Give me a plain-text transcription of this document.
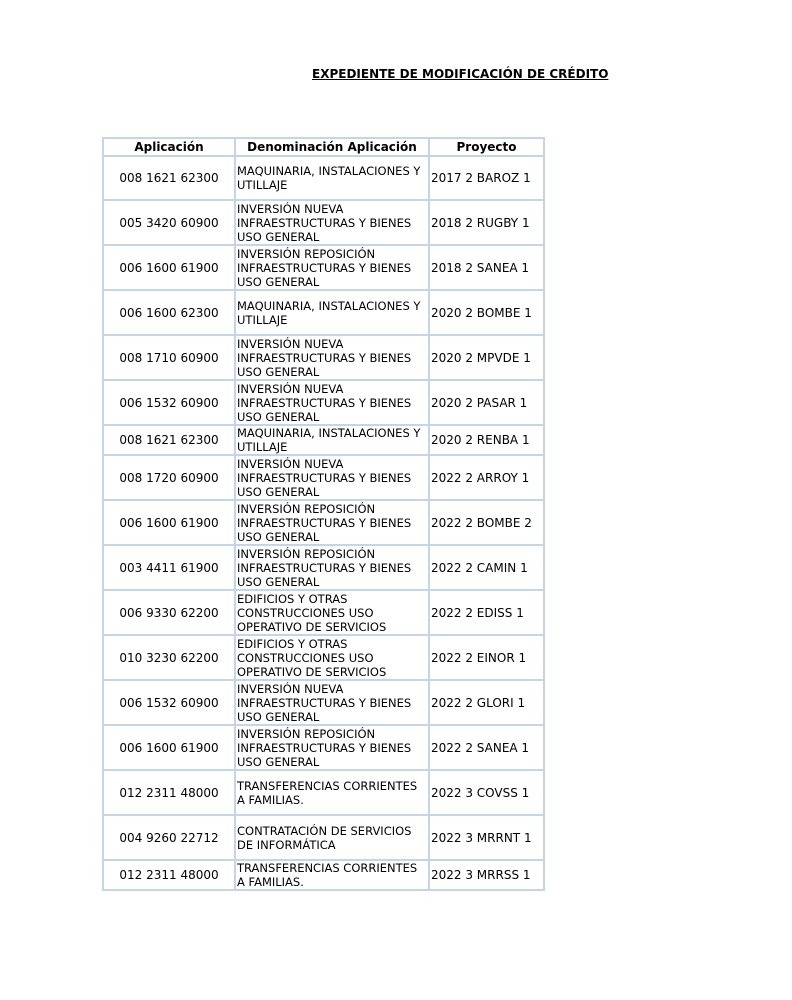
EXPEDIENTE DE MODIFICACIÓN DE CRÉDITO
Aplicación	Denominación Aplicación	Proyecto
008 1621 62300	MAQUINARIA, INSTALACIONES Y
UTILLAJE	2017 2 BAROZ 1
005 3420 60900	INVERSIÓN NUEVA
INFRAESTRUCTURAS Y BIENES
USO GENERAL	2018 2 RUGBY 1
006 1600 61900	INVERSIÓN REPOSICIÓN
INFRAESTRUCTURAS Y BIENES
USO GENERAL	2018 2 SANEA 1
006 1600 62300	MAQUINARIA, INSTALACIONES Y
UTILLAJE	2020 2 BOMBE 1
008 1710 60900	INVERSIÓN NUEVA
INFRAESTRUCTURAS Y BIENES
USO GENERAL	2020 2 MPVDE 1
006 1532 60900	INVERSIÓN NUEVA
INFRAESTRUCTURAS Y BIENES
USO GENERAL	2020 2 PASAR 1
008 1621 62300	MAQUINARIA, INSTALACIONES Y
UTILLAJE	2020 2 RENBA 1
008 1720 60900	INVERSIÓN NUEVA
INFRAESTRUCTURAS Y BIENES
USO GENERAL	2022 2 ARROY 1
006 1600 61900	INVERSIÓN REPOSICIÓN
INFRAESTRUCTURAS Y BIENES
USO GENERAL	2022 2 BOMBE 2
003 4411 61900	INVERSIÓN REPOSICIÓN
INFRAESTRUCTURAS Y BIENES
USO GENERAL	2022 2 CAMIN 1
006 9330 62200	EDIFICIOS Y OTRAS
CONSTRUCCIONES USO
OPERATIVO DE SERVICIOS	2022 2 EDISS 1
010 3230 62200	EDIFICIOS Y OTRAS
CONSTRUCCIONES USO
OPERATIVO DE SERVICIOS	2022 2 EINOR 1
006 1532 60900	INVERSIÓN NUEVA
INFRAESTRUCTURAS Y BIENES
USO GENERAL	2022 2 GLORI 1
006 1600 61900	INVERSIÓN REPOSICIÓN
INFRAESTRUCTURAS Y BIENES
USO GENERAL	2022 2 SANEA 1
012 2311 48000	TRANSFERENCIAS CORRIENTES
A FAMILIAS.	2022 3 COVSS 1
004 9260 22712	CONTRATACIÓN DE SERVICIOS
DE INFORMÁTICA	2022 3 MRRNT 1
012 2311 48000	TRANSFERENCIAS CORRIENTES
A FAMILIAS.	2022 3 MRRSS 1
